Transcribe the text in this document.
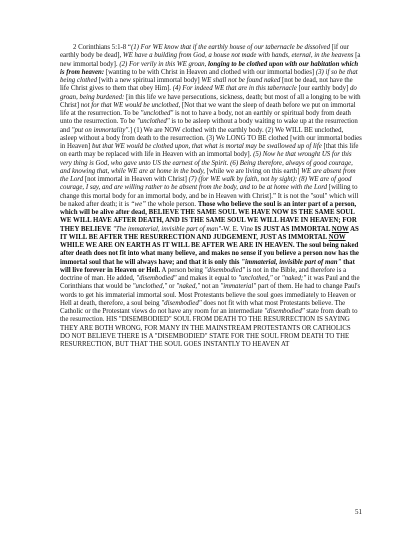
2 Corinthians 5:1-8 “(1) For WE know that if the earthly house of our tabernacle be dissolved [if our earthly body be dead], WE have a building from God, a house not made with hands, eternal, in the heavens [a new immortal body]. (2) For verily in this WE groan, longing to be clothed upon with our habitation which is from heaven: [wanting to be with Christ in Heaven and clothed with our immortal bodies] (3) if so be that being clothed [with a new spiritual immortal body] WE shall not be found naked [not be dead, not have the life Christ gives to them that obey Him]. (4) For indeed WE that are in this tabernacle [our earthly body] do groan, being burdened: [in this life we have persecutions, sickness, death; but most of all a longing to be with Christ] not for that WE would be unclothed, [Not that we want the sleep of death before we put on immortal life at the resurrection. To be "unclothed" is not to have a body, not an earthly or spiritual body from death unto the resurrection. To be "unclothed" is to be asleep without a body waiting to wake up at the resurrection and "put on immortality".] (1) We are NOW clothed with the earthly body. (2) We WILL BE unclothed, asleep without a body from death to the resurrection. (3) We LONG TO BE clothed [with our immortal bodies in Heaven] but that WE would be clothed upon, that what is mortal may be swallowed up of life [that this life on earth may be replaced with life in Heaven with an immortal body]. (5) Now he that wrought US for this very thing is God, who gave unto US the earnest of the Spirit. (6) Being therefore, always of good courage, and knowing that, while WE are at home in the body, [while we are living on this earth] WE are absent from the Lord [not immortal in Heaven with Christ] (7) (for WE walk by faith, not by sight): (8) WE are of good courage, I say, and are willing rather to be absent from the body, and to be at home with the Lord [willing to change this mortal body for an immortal body, and be in Heaven with Christ].” It is not the "soul" which will be naked after death; it is “we” the whole person. Those who believe the soul is an inter part of a person, which will be alive after dead, BELIEVE THE SAME SOUL WE HAVE NOW IS THE SAME SOUL WE WILL HAVE AFTER DEATH, AND IS THE SAME SOUL WE WILL HAVE IN HEAVEN; FOR THEY BELIEVE "The immaterial, invisible part of man"-W. E. Vine IS JUST AS IMMORTAL NOW AS IT WILL BE AFTER THE RESURRECTION AND JUDGEMENT, JUST AS IMMORTAL NOW WHILE WE ARE ON EARTH AS IT WILL BE AFTER WE ARE IN HEAVEN. The soul being naked after death does not fit into what many believe, and makes no sense if you believe a person now has the immortal soul that he will always have; and that it is only this "immaterial, invisible part of man" that will live forever in Heaven or Hell. A person being "disembodied" is not in the Bible, and therefore is a doctrine of man. He added, "disembodied" and makes it equal to "unclothed," or "naked;" it was Paul and the Corinthians that would be "unclothed," or "naked," not an "immaterial" part of them. He had to change Paul's words to get his immaterial immortal soul. Most Protestants believe the soul goes immediately to Heaven or Hell at death, therefore, a soul being "disembodied" does not fit with what most Protestants believe. The Catholic or the Protestant views do not have any room for an intermediate "disembodied" state from death to the resurrection. HIS "DISEMBODIED" SOUL FROM DEATH TO THE RESURRECTION IS SAYING THEY ARE BOTH WRONG, FOR MANY IN THE MAINSTREAM PROTESTANTS OR CATHOLICS DO NOT BELIEVE THERE IS A "DISEMBODIED" STATE FOR THE SOUL FROM DEATH TO THE RESURRECTION, BUT THAT THE SOUL GOES INSTANTLY TO HEAVEN AT

51
